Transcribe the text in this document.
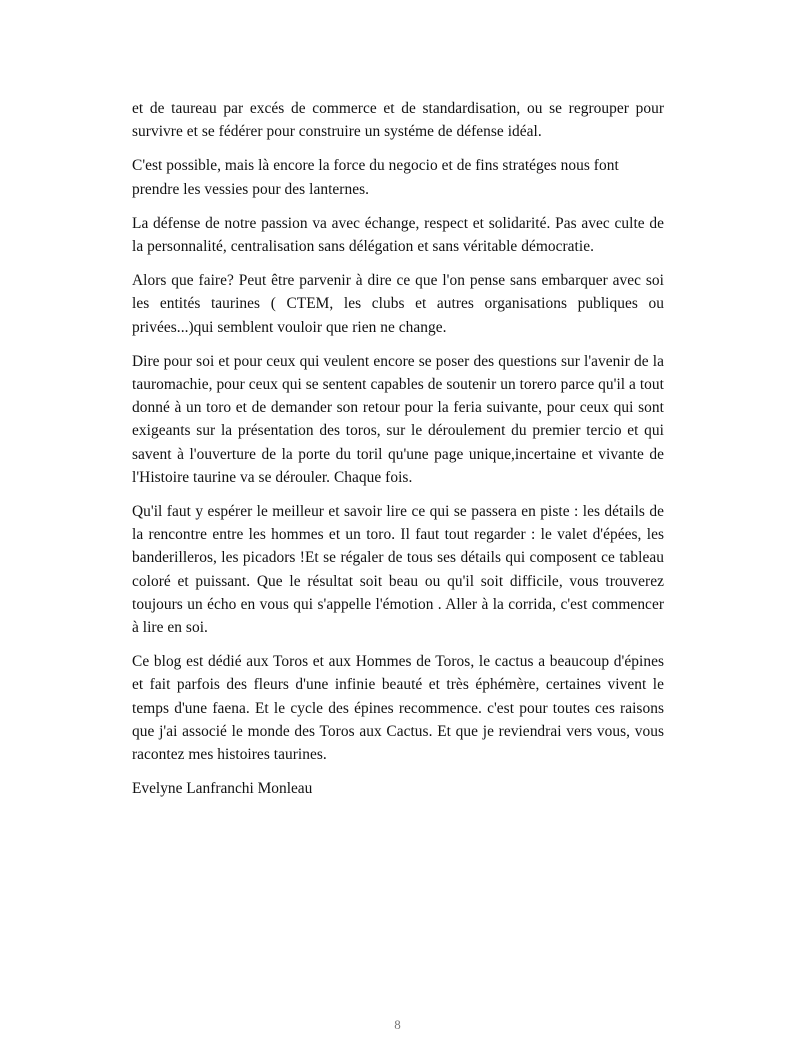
et de taureau par excés de commerce et de standardisation, ou se regrouper pour survivre et se fédérer pour construire un systéme de défense idéal.

C'est possible, mais là encore la force du negocio et de fins stratéges nous font prendre les vessies pour des lanternes.

La défense de notre passion va avec échange, respect et solidarité. Pas avec culte de la personnalité, centralisation sans délégation et sans véritable démocratie.

Alors que faire? Peut être parvenir à dire ce que l'on pense sans embarquer avec soi les entités taurines ( CTEM, les clubs et autres organisations publiques ou privées...)qui semblent vouloir que rien ne change.

Dire pour soi et pour ceux qui veulent encore se poser des questions sur l'avenir de la tauromachie, pour ceux qui se sentent capables de soutenir un torero parce qu'il a tout donné à un toro et de demander son retour pour la feria suivante, pour ceux qui sont exigeants sur la présentation des toros, sur le déroulement du premier tercio et qui savent à l'ouverture de la porte du toril qu'une page unique,incertaine et vivante de l'Histoire taurine va se dérouler. Chaque fois.

Qu'il faut y espérer le meilleur et savoir lire ce qui se passera en piste : les détails de la rencontre entre les hommes et un toro. Il faut tout regarder : le valet d'épées, les banderilleros, les picadors !Et se régaler de tous ses détails qui composent ce tableau coloré et puissant. Que le résultat soit beau ou qu'il soit difficile, vous trouverez toujours un écho en vous qui s'appelle l'émotion . Aller à la corrida, c'est commencer à lire en soi.

Ce blog est dédié aux Toros et aux Hommes de Toros, le cactus a beaucoup d'épines et fait parfois des fleurs d'une infinie beauté et très éphémère, certaines vivent le temps d'une faena. Et le cycle des épines recommence. c'est pour toutes ces raisons que j'ai associé le monde des Toros aux Cactus. Et que je reviendrai vers vous, vous racontez mes histoires taurines.

Evelyne Lanfranchi Monleau

8
